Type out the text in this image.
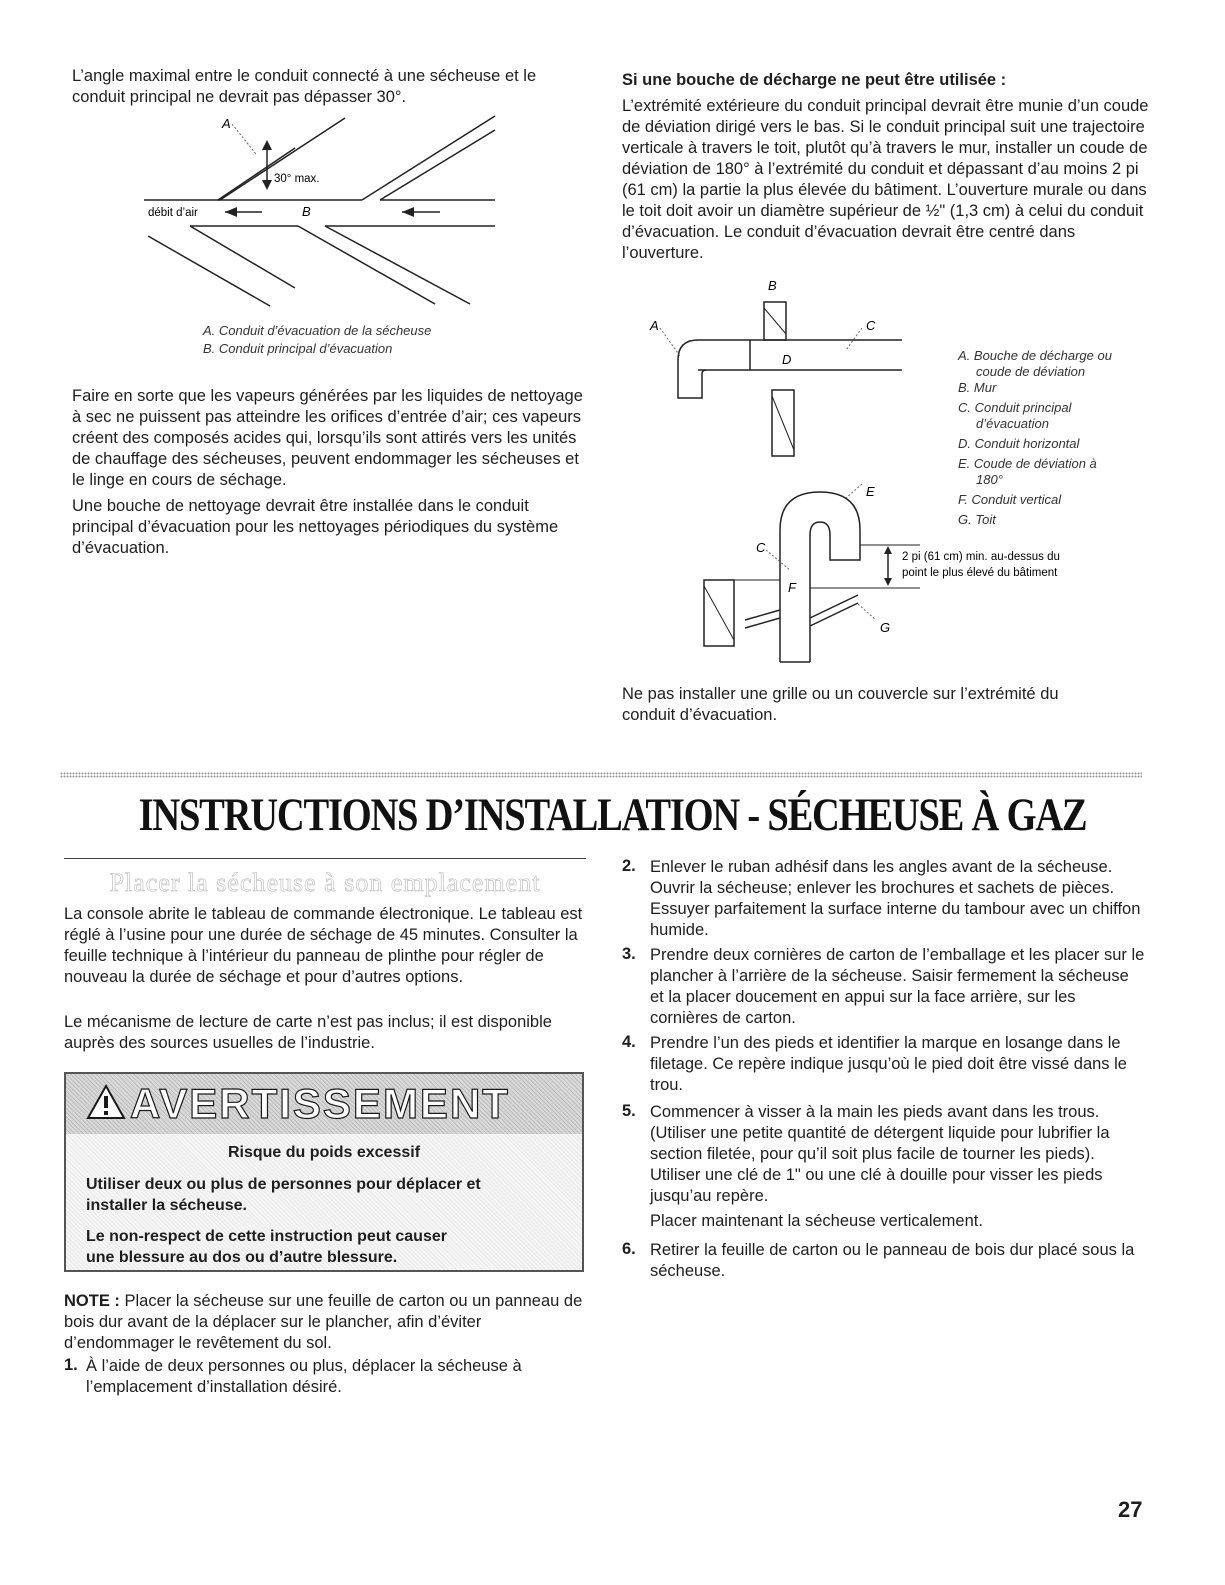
L’angle maximal entre le conduit connecté à une sécheuse et le conduit principal ne devrait pas dépasser 30°.

A
30° max.
débit d’air	B
A. Conduit d’évacuation de la sécheuse
B. Conduit principal d’évacuation

Faire en sorte que les vapeurs générées par les liquides de nettoyage à sec ne puissent pas atteindre les orifices d’entrée d’air; ces vapeurs créent des composés acides qui, lorsqu’ils sont attirés vers les unités de chauffage des sécheuses, peuvent endommager les sécheuses et le linge en cours de séchage.

Une bouche de nettoyage devrait être installée dans le conduit principal d’évacuation pour les nettoyages périodiques du système d’évacuation.

Si une bouche de décharge ne peut être utilisée :

L’extrémité extérieure du conduit principal devrait être munie d’un coude de déviation dirigé vers le bas. Si le conduit principal suit une trajectoire verticale à travers le toit, plutôt qu’à travers le mur, installer un coude de déviation de 180° à l’extrémité du conduit et dépassant d’au moins 2 pi (61 cm) la partie la plus élevée du bâtiment. L’ouverture murale ou dans le toit doit avoir un diamètre supérieur de ½" (1,3 cm) à celui du conduit d’évacuation. Le conduit d’évacuation devrait être centré dans l’ouverture.

A
B
C
D
E
C
F
G
2 pi (61 cm) min. au-dessus du
point le plus élevé du bâtiment
A. Bouche de décharge ou
coude de déviation
B. Mur
C. Conduit principal
d’évacuation
D. Conduit horizontal
E. Coude de déviation à
180°
F. Conduit vertical
G. Toit

Ne pas installer une grille ou un couvercle sur l’extrémité du conduit d’évacuation.

INSTRUCTIONS D’INSTALLATION - SÉCHEUSE À GAZ
Placer la sécheuse à son emplacement

La console abrite le tableau de commande électronique. Le tableau est réglé à l’usine pour une durée de séchage de 45 minutes. Consulter la feuille technique à l’intérieur du panneau de plinthe pour régler de nouveau la durée de séchage et pour d’autres options.

Le mécanisme de lecture de carte n’est pas inclus; il est disponible auprès des sources usuelles de l’industrie.

AVERTISSEMENT
Risque du poids excessif
Utiliser deux ou plus de personnes pour déplacer et
installer la sécheuse.
Le non-respect de cette instruction peut causer
une blessure au dos ou d’autre blessure.

NOTE : Placer la sécheuse sur une feuille de carton ou un panneau de bois dur avant de la déplacer sur le plancher, afin d’éviter d’endommager le revêtement du sol.

1. À l’aide de deux personnes ou plus, déplacer la sécheuse à l’emplacement d’installation désiré.

2. Enlever le ruban adhésif dans les angles avant de la sécheuse. Ouvrir la sécheuse; enlever les brochures et sachets de pièces. Essuyer parfaitement la surface interne du tambour avec un chiffon humide.

3. Prendre deux cornières de carton de l’emballage et les placer sur le plancher à l’arrière de la sécheuse. Saisir fermement la sécheuse et la placer doucement en appui sur la face arrière, sur les cornières de carton.

4. Prendre l’un des pieds et identifier la marque en losange dans le filetage. Ce repère indique jusqu’où le pied doit être vissé dans le trou.

5. Commencer à visser à la main les pieds avant dans les trous. (Utiliser une petite quantité de détergent liquide pour lubrifier la section filetée, pour qu’il soit plus facile de tourner les pieds). Utiliser une clé de 1" ou une clé à douille pour visser les pieds jusqu’au repère.

Placer maintenant la sécheuse verticalement.

6. Retirer la feuille de carton ou le panneau de bois dur placé sous la sécheuse.

27
